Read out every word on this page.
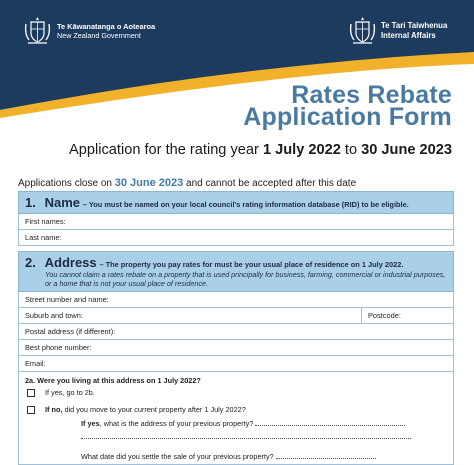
Te Kāwanatanga o Aotearoa
New Zealand Government
Te Tari Taiwhenua
Internal Affairs
Rates Rebate
Application Form
Application for the rating year 1 July 2022 to 30 June 2023
Applications close on 30 June 2023 and cannot be accepted after this date
1. Name – You must be named on your local council's rating information database (RID) to be eligible.
First names:
Last name:
2. Address – The property you pay rates for must be your usual place of residence on 1 July 2022.
You cannot claim a rates rebate on a property that is used principally for business, farming, commercial or industrial purposes,
or a home that is not your usual place of residence.
Street number and name:
Suburb and town:	Postcode:
Postal address (if different):
Best phone number:
Email:
2a. Were you living at this address on 1 July 2022?
If yes, go to 2b.
If no, did you move to your current property after 1 July 2022?
If yes, what is the address of your previous property?
What date did you settle the sale of your previous property?
